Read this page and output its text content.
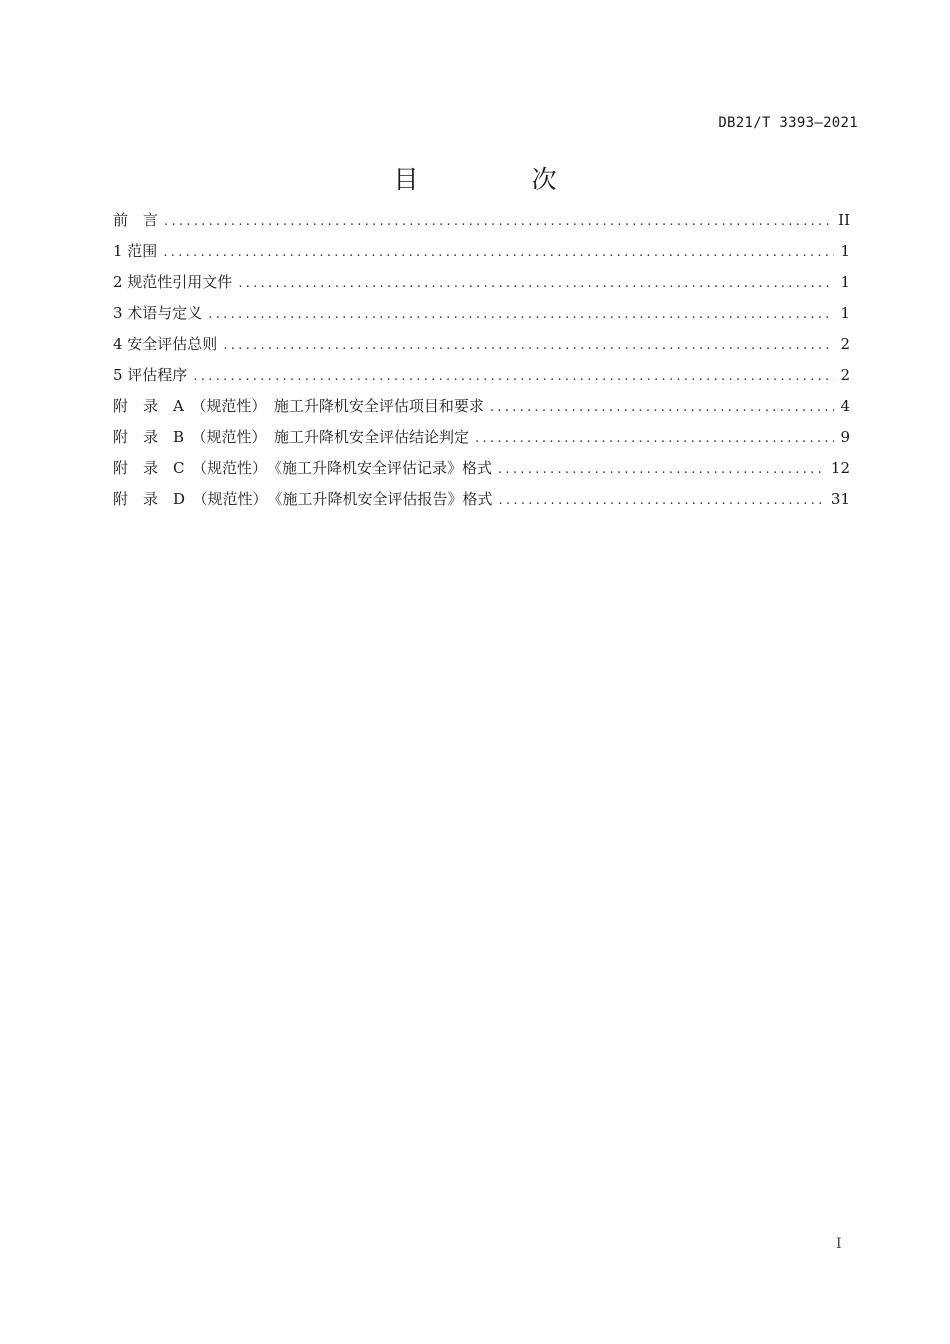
DB21/T 3393—2021
目　次
前　言 .....	II
1 范围 .....	1
2 规范性引用文件 .....	1
3 术语与定义 .....	1
4 安全评估总则 .....	2
5 评估程序 .....	2
附　录　A　（规范性）　施工升降机安全评估项目和要求 .....	4
附　录　B　（规范性）　施工升降机安全评估结论判定 .....	9
附　录　C　（规范性）　《施工升降机安全评估记录》格式 .....	12
附　录　D　（规范性）　《施工升降机安全评估报告》格式 .....	31
I
